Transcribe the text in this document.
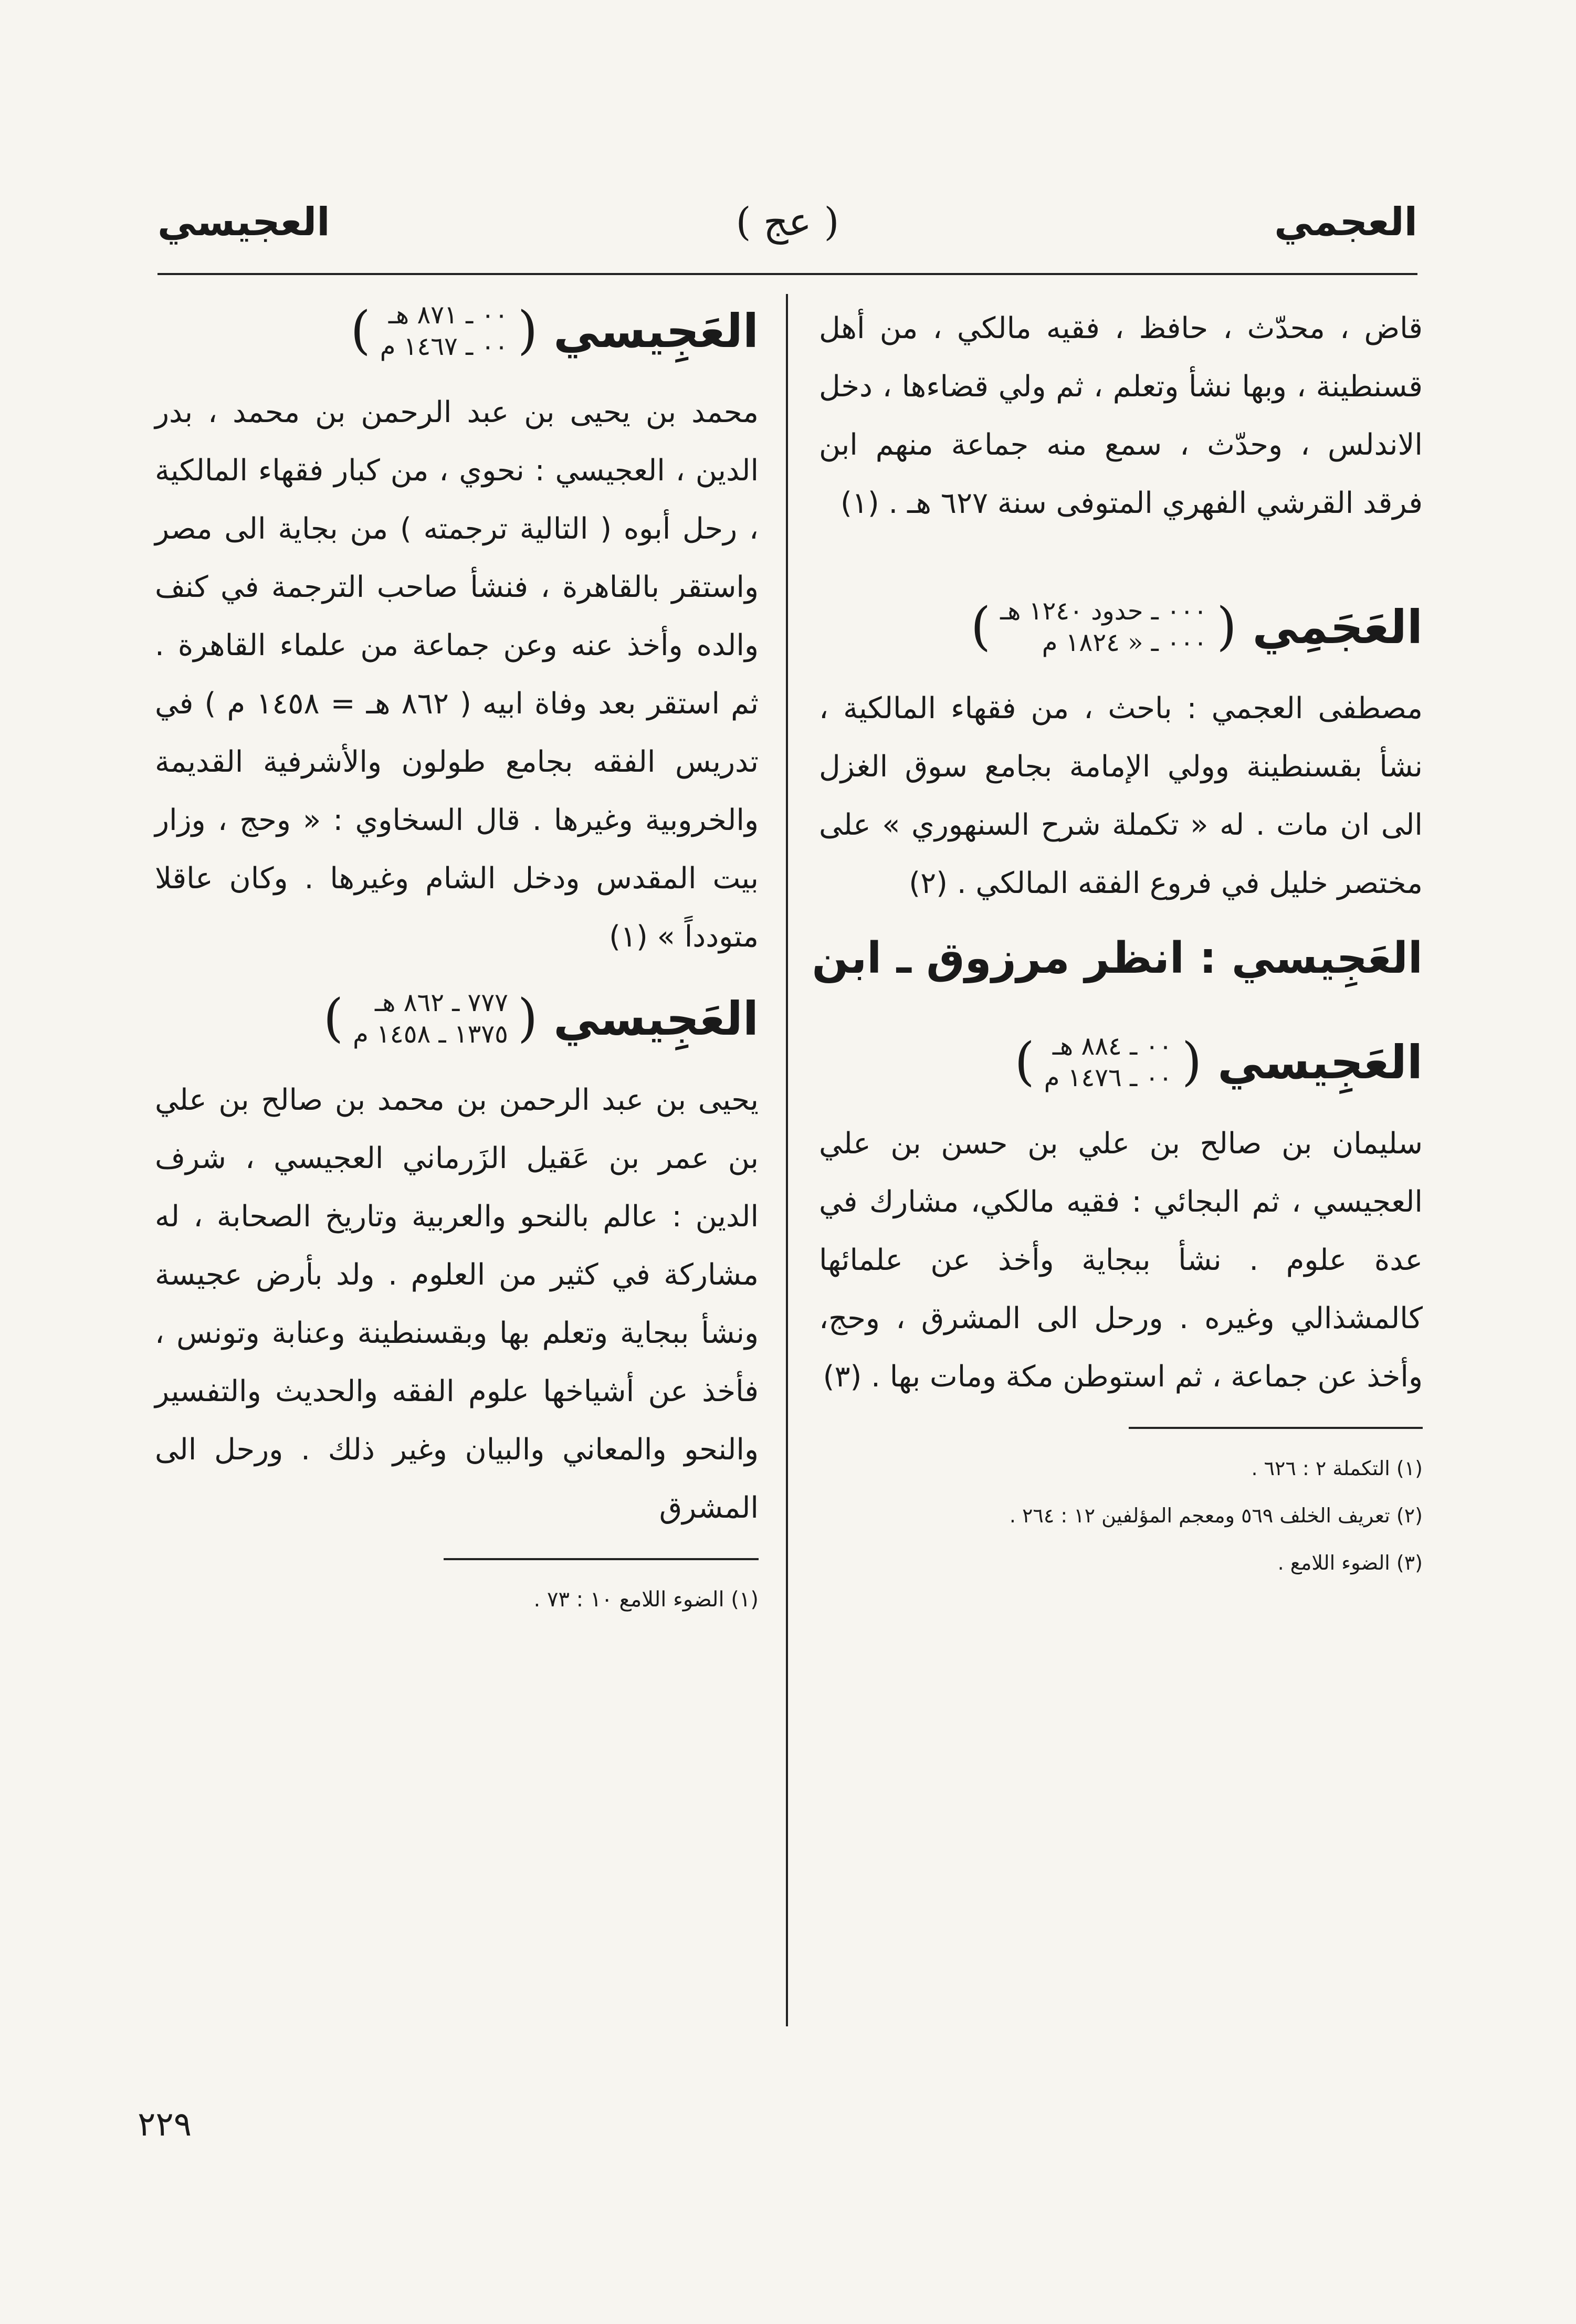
العجمي
( عج )
العجيسي

قاض ، محدّث ، حافظ ، فقيه مالكي ، من أهل قسنطينة ، وبها نشأ وتعلم ، ثم ولي قضاءها ، دخل الاندلس ، وحدّث ، سمع منه جماعة منهم ابن فرقد القرشي الفهري المتوفى سنة ٦٢٧ هـ . (١)

العَجَمِي
(
٠٠٠ ـ حدود ١٢٤٠ هـ
٠٠٠ ـ « ١٨٢٤ م
)

مصطفى العجمي : باحث ، من فقهاء المالكية ، نشأ بقسنطينة وولي الإمامة بجامع سوق الغزل الى ان مات . له « تكملة شرح السنهوري » على مختصر خليل في فروع الفقه المالكي . (٢)

العَجِيسي : انظر مرزوق ـ ابن
العَجِيسي
(
٠٠ ـ ٨٨٤ هـ
٠٠ ـ ١٤٧٦ م
)

سليمان بن صالح بن علي بن حسن بن علي العجيسي ، ثم البجائي : فقيه مالكي، مشارك في عدة علوم . نشأ ببجاية وأخذ عن علمائها كالمشذالي وغيره . ورحل الى المشرق ، وحج، وأخذ عن جماعة ، ثم استوطن مكة ومات بها . (٣)

(١) التكملة ٢ : ٦٢٦ .
(٢) تعريف الخلف ٥٦٩ ومعجم المؤلفين ١٢ : ٢٦٤ .
(٣) الضوء اللامع .
العَجِيسي
(
٠٠ ـ ٨٧١ هـ
٠٠ ـ ١٤٦٧ م
)

محمد بن يحيى بن عبد الرحمن بن محمد ، بدر الدين ، العجيسي : نحوي ، من كبار فقهاء المالكية ، رحل أبوه ( التالية ترجمته ) من بجاية الى مصر واستقر بالقاهرة ، فنشأ صاحب الترجمة في كنف والده وأخذ عنه وعن جماعة من علماء القاهرة . ثم استقر بعد وفاة ابيه ( ٨٦٢ هـ = ١٤٥٨ م ) في تدريس الفقه بجامع طولون والأشرفية القديمة والخروبية وغيرها . قال السخاوي : « وحج ، وزار بيت المقدس ودخل الشام وغيرها . وكان عاقلا متودداً » (١)

العَجِيسي
(
٧٧٧ ـ ٨٦٢ هـ
١٣٧٥ ـ ١٤٥٨ م
)

يحيى بن عبد الرحمن بن محمد بن صالح بن علي بن عمر بن عَقيل الزَرماني العجيسي ، شرف الدين : عالم بالنحو والعربية وتاريخ الصحابة ، له مشاركة في كثير من العلوم . ولد بأرض عجيسة ونشأ ببجاية وتعلم بها وبقسنطينة وعنابة وتونس ، فأخذ عن أشياخها علوم الفقه والحديث والتفسير والنحو والمعاني والبيان وغير ذلك . ورحل الى المشرق

(١) الضوء اللامع ١٠ : ٧٣ .
٢٢٩
